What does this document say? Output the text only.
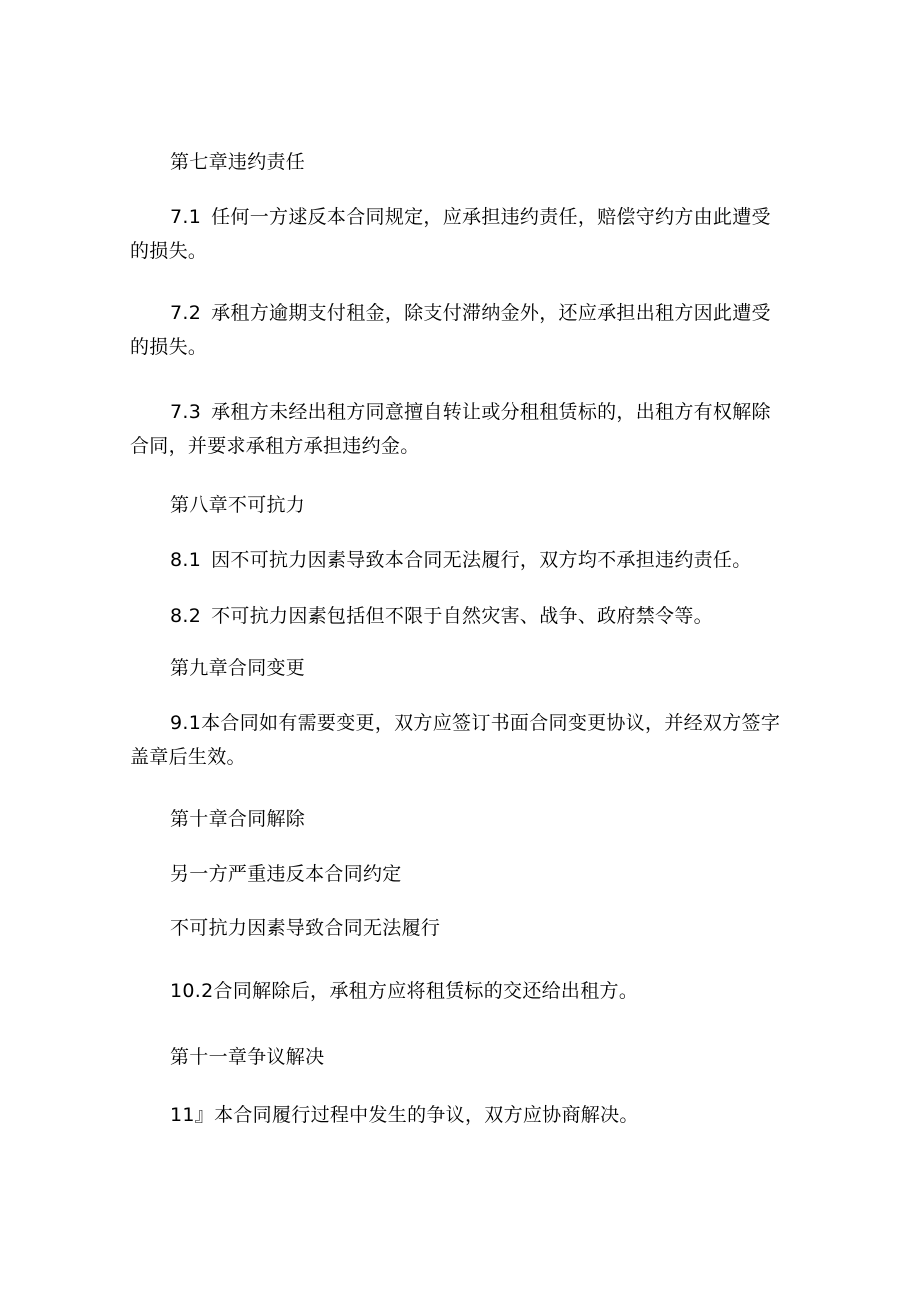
第七章违约责任
7.1 任何一方逑反本合同规定，应承担违约责任，赔偿守约方由此遭受的损失。
7.2 承租方逾期支付租金，除支付滞纳金外，还应承担出租方因此遭受的损失。
7.3 承租方未经出租方同意擅自转让或分租租赁标的，出租方有权解除合同，并要求承租方承担违约金。
第八章不可抗力
8.1 因不可抗力因素导致本合同无法履行，双方均不承担违约责任。
8.2 不可抗力因素包括但不限于自然灾害、战争、政府禁令等。
第九章合同变更
9.1本合同如有需要变更，双方应签订书面合同变更协议，并经双方签字盖章后生效。
第十章合同解除
另一方严重违反本合同约定
不可抗力因素导致合同无法履行
10.2合同解除后，承租方应将租赁标的交还给出租方。
第十一章争议解决
11』本合同履行过程中发生的争议，双方应协商解决。
